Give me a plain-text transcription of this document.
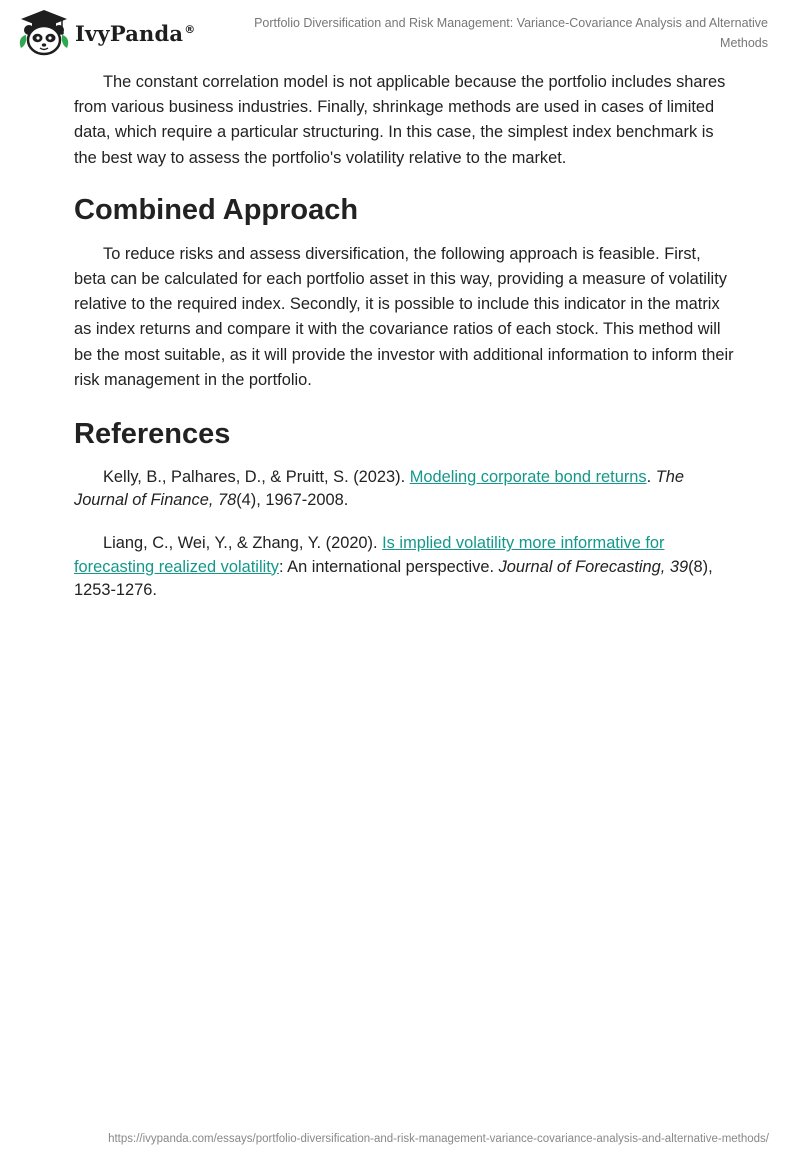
IvyPanda®	Portfolio Diversification and Risk Management: Variance-Covariance Analysis and Alternative Methods

The constant correlation model is not applicable because the portfolio includes shares from various business industries. Finally, shrinkage methods are used in cases of limited data, which require a particular structuring. In this case, the simplest index benchmark is the best way to assess the portfolio's volatility relative to the market.

Combined Approach

To reduce risks and assess diversification, the following approach is feasible. First, beta can be calculated for each portfolio asset in this way, providing a measure of volatility relative to the required index. Secondly, it is possible to include this indicator in the matrix as index returns and compare it with the covariance ratios of each stock. This method will be the most suitable, as it will provide the investor with additional information to inform their risk management in the portfolio.

References

Kelly, B., Palhares, D., & Pruitt, S. (2023). Modeling corporate bond returns. The Journal of Finance, 78(4), 1967-2008.

Liang, C., Wei, Y., & Zhang, Y. (2020). Is implied volatility more informative for forecasting realized volatility: An international perspective. Journal of Forecasting, 39(8), 1253-1276.

https://ivypanda.com/essays/portfolio-diversification-and-risk-management-variance-covariance-analysis-and-alternative-methods/
